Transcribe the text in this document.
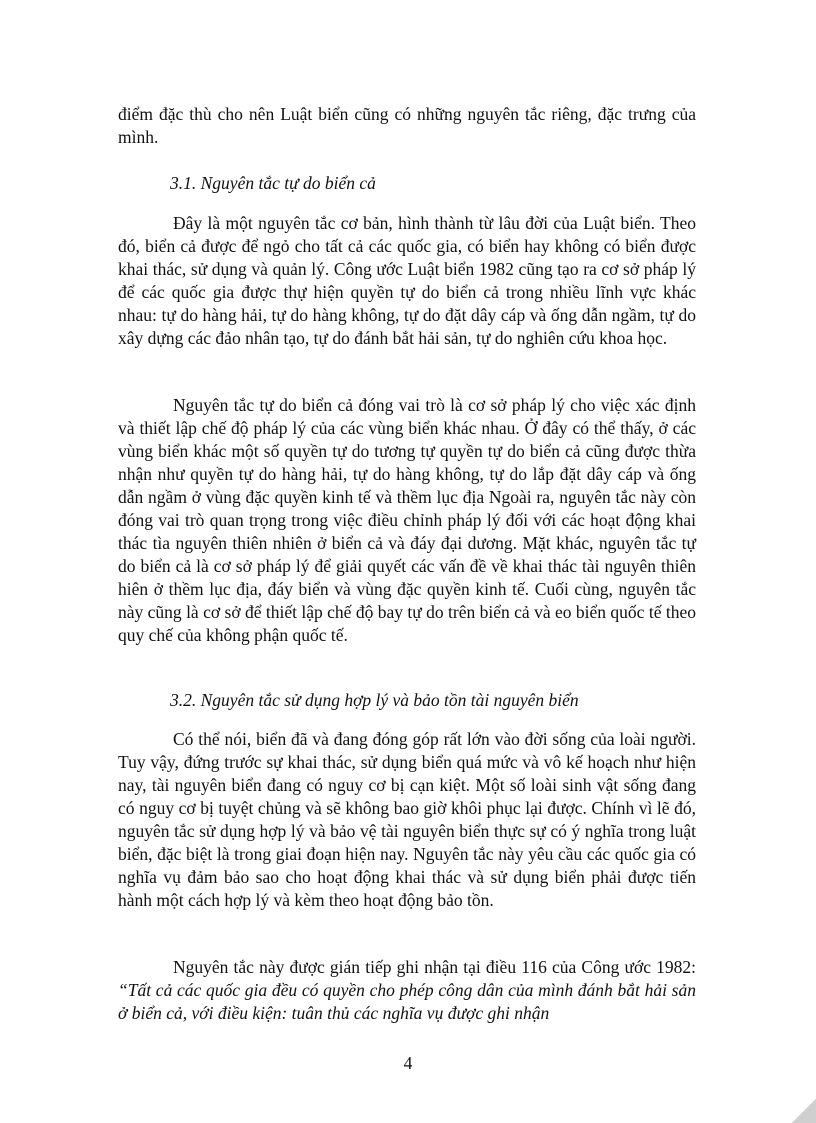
điểm đặc thù cho nên Luật biển cũng có những nguyên tắc riêng, đặc trưng của mình.

3.1. Nguyên tắc tự do biển cả

Đây là một nguyên tắc cơ bản, hình thành từ lâu đời của Luật biển. Theo đó, biển cả được để ngỏ cho tất cả các quốc gia, có biển hay không có biển được khai thác, sử dụng và quản lý. Công ước Luật biển 1982 cũng tạo ra cơ sở pháp lý để các quốc gia được thự hiện quyền tự do biển cả trong nhiều lĩnh vực khác nhau: tự do hàng hải, tự do hàng không, tự do đặt dây cáp và ống dẫn ngầm, tự do xây dựng các đảo nhân tạo, tự do đánh bắt hải sản, tự do nghiên cứu khoa học.

Nguyên tắc tự do biển cả đóng vai trò là cơ sở pháp lý cho việc xác định và thiết lập chế độ pháp lý của các vùng biển khác nhau. Ở đây có thể thấy, ở các vùng biển khác một số quyền tự do tương tự quyền tự do biển cả cũng được thừa nhận như quyền tự do hàng hải, tự do hàng không, tự do lắp đặt dây cáp và ống dẫn ngầm ở vùng đặc quyền kinh tế và thềm lục địa Ngoài ra, nguyên tắc này còn đóng vai trò quan trọng trong việc điều chỉnh pháp lý đối với các hoạt động khai thác tìa nguyên thiên nhiên ở biển cả và đáy đại dương. Mặt khác, nguyên tắc tự do biển cả là cơ sở pháp lý để giải quyết các vấn đề về khai thác tài nguyên thiên hiên ở thềm lục địa, đáy biển và vùng đặc quyền kinh tế. Cuối cùng, nguyên tắc này cũng là cơ sở để thiết lập chế độ bay tự do trên biển cả và eo biển quốc tế theo quy chế của không phận quốc tế.

3.2. Nguyên tắc sử dụng hợp lý và bảo tồn tài nguyên biển

Có thể nói, biển đã và đang đóng góp rất lớn vào đời sống của loài người. Tuy vậy, đứng trước sự khai thác, sử dụng biển quá mức và vô kế hoạch như hiện nay, tài nguyên biển đang có nguy cơ bị cạn kiệt. Một số loài sinh vật sống đang có nguy cơ bị tuyệt chủng và sẽ không bao giờ khôi phục lại được. Chính vì lẽ đó, nguyên tắc sử dụng hợp lý và bảo vệ tài nguyên biển thực sự có ý nghĩa trong luật biển, đặc biệt là trong giai đoạn hiện nay. Nguyên tắc này yêu cầu các quốc gia có nghĩa vụ đảm bảo sao cho hoạt động khai thác và sử dụng biển phải được tiến hành một cách hợp lý và kèm theo hoạt động bảo tồn.

Nguyên tắc này được gián tiếp ghi nhận tại điều 116 của Công ước 1982: “Tất cả các quốc gia đều có quyền cho phép công dân của mình đánh bắt hải sản ở biển cả, với điều kiện: tuân thủ các nghĩa vụ được ghi nhận

4
